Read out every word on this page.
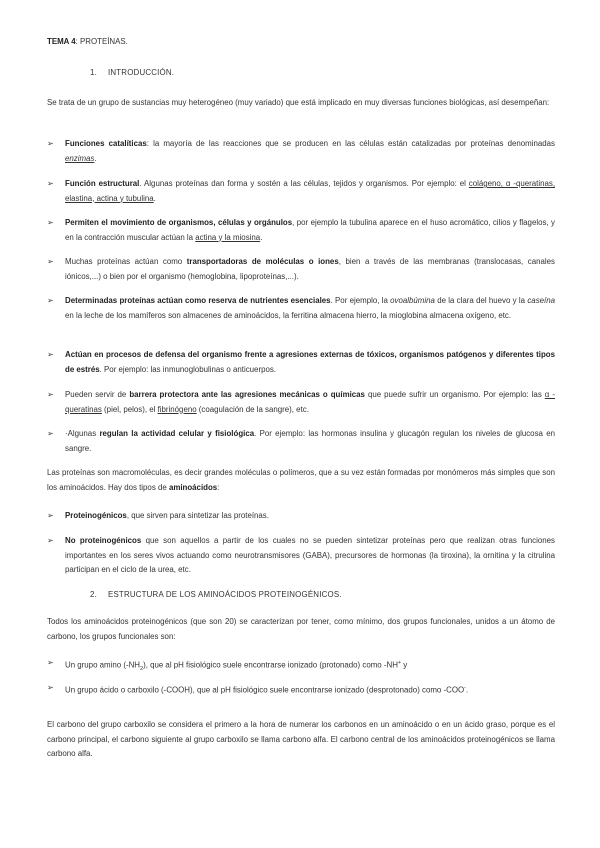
TEMA 4: PROTEÍNAS.

1. INTRODUCCIÓN.

Se trata de un grupo de sustancias muy heterogéneo (muy variado) que está implicado en muy diversas funciones biológicas, así desempeñan:

➢ Funciones catalíticas: la mayoría de las reacciones que se producen en las células están catalizadas por proteínas denominadas enzimas.
➢ Función estructural. Algunas proteínas dan forma y sostén a las células, tejidos y organismos. Por ejemplo: el colágeno, α -queratinas, elastina, actina y tubulina.
➢ Permiten el movimiento de organismos, células y orgánulos, por ejemplo la tubulina aparece en el huso acromático, cilios y flagelos, y en la contracción muscular actúan la actina y la miosina.
➢ Muchas proteínas actúan como transportadoras de moléculas o iones, bien a través de las membranas (translocasas, canales iónicos,...) o bien por el organismo (hemoglobina, lipoproteínas,...).
➢ Determinadas proteínas actúan como reserva de nutrientes esenciales. Por ejemplo, la ovoalbúmina de la clara del huevo y la caseína en la leche de los mamíferos son almacenes de aminoácidos, la ferritina almacena hierro, la mioglobina almacena oxígeno, etc.
➢ Actúan en procesos de defensa del organismo frente a agresiones externas de tóxicos, organismos patógenos y diferentes tipos de estrés. Por ejemplo: las inmunoglobulinas o anticuerpos.
➢ Pueden servir de barrera protectora ante las agresiones mecánicas o químicas que puede sufrir un organismo. Por ejemplo: las α -queratinas (piel, pelos), el fibrinógeno (coagulación de la sangre), etc.
➢ ·Algunas regulan la actividad celular y fisiológica. Por ejemplo: las hormonas insulina y glucagón regulan los niveles de glucosa en sangre.

Las proteínas son macromoléculas, es decir grandes moléculas o polímeros, que a su vez están formadas por monómeros más simples que son los aminoácidos. Hay dos tipos de aminoácidos:

➢ Proteinogénicos, que sirven para sintetizar las proteínas.
➢ No proteinogénicos que son aquellos a partir de los cuales no se pueden sintetizar proteínas pero que realizan otras funciones importantes en los seres vivos actuando como neurotransmisores (GABA), precursores de hormonas (la tiroxina), la ornitina y la citrulina participan en el ciclo de la urea, etc.

2. ESTRUCTURA DE LOS AMINOÁCIDOS PROTEINOGÉNICOS.

Todos los aminoácidos proteinogénicos (que son 20) se caracterizan por tener, como mínimo, dos grupos funcionales, unidos a un átomo de carbono, los grupos funcionales son:

➢ Un grupo amino $(-NH_2)$, que al pH fisiológico suele encontrarse ionizado (protonado) como -NH+ y
➢ Un grupo ácido o carboxilo (-COOH), que al pH fisiológico suele encontrarse ionizado (desprotonado) como -COO-.

El carbono del grupo carboxilo se considera el primero a la hora de numerar los carbonos en un aminoácido o en un ácido graso, porque es el carbono principal, el carbono siguiente al grupo carboxilo se llama carbono alfa. El carbono central de los aminoácidos proteinogénicos se llama carbono alfa.
